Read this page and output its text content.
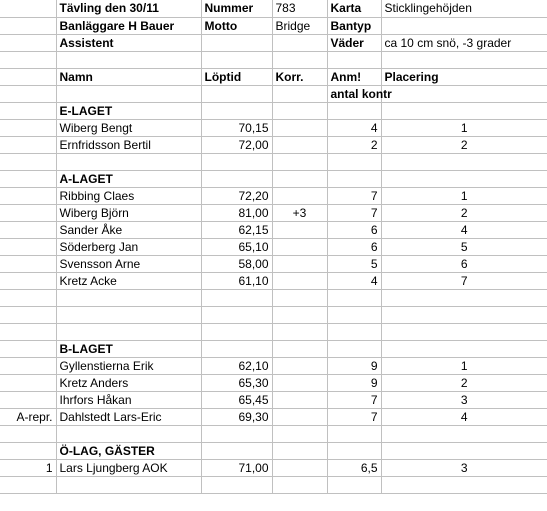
	Tävling den 30/11	Nummer	783	Karta	Sticklingehöjden
	Banläggare H Bauer	Motto	Bridge	Bantyp	
	Assistent			Väder	ca 10 cm snö, -3 grader

	Namn	Löptid	Korr.	Anm!	Placering
				antal kontr	
	E-LAGET				
	Wiberg Bengt	70,15		4	1
	Ernfridsson Bertil	72,00		2	2

	A-LAGET				
	Ribbing Claes	72,20		7	1
	Wiberg Björn	81,00	+3	7	2
	Sander Åke	62,15		6	4
	Söderberg Jan	65,10		6	5
	Svensson Arne	58,00		5	6
	Kretz Acke	61,10		4	7

	B-LAGET				
	Gyllenstierna Erik	62,10		9	1
	Kretz Anders	65,30		9	2
	Ihrfors Håkan	65,45		7	3
A-repr.	Dahlstedt Lars-Eric	69,30		7	4

	Ö-LAG, GÄSTER				
1	Lars Ljungberg AOK	71,00		6,5	3
